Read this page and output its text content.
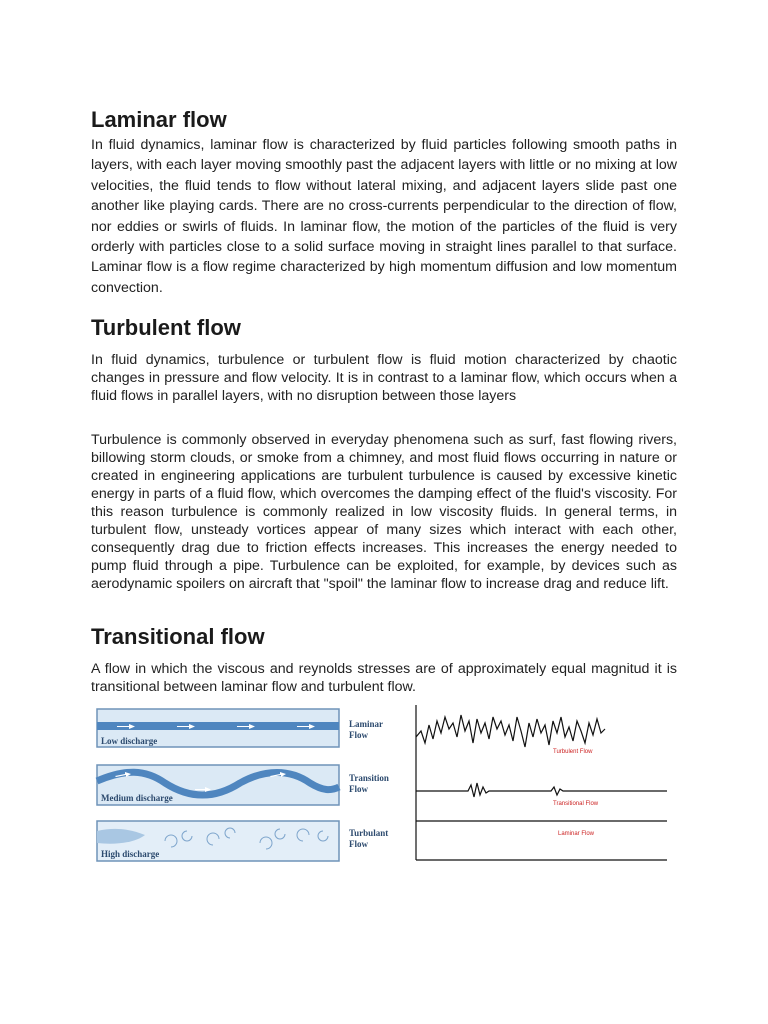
Laminar flow

In fluid dynamics, laminar flow is characterized by fluid particles following smooth paths in layers, with each layer moving smoothly past the adjacent layers with little or no mixing at low velocities, the fluid tends to flow without lateral mixing, and adjacent layers slide past one another like playing cards. There are no cross-currents perpendicular to the direction of flow, nor eddies or swirls of fluids. In laminar flow, the motion of the particles of the fluid is very orderly with particles close to a solid surface moving in straight lines parallel to that surface. Laminar flow is a flow regime characterized by high momentum diffusion and low momentum convection.

Turbulent flow

In fluid dynamics, turbulence or turbulent flow is fluid motion characterized by chaotic changes in pressure and flow velocity. It is in contrast to a laminar flow, which occurs when a fluid flows in parallel layers, with no disruption between those layers

Turbulence is commonly observed in everyday phenomena such as surf, fast flowing rivers, billowing storm clouds, or smoke from a chimney, and most fluid flows occurring in nature or created in engineering applications are turbulent turbulence is caused by excessive kinetic energy in parts of a fluid flow, which overcomes the damping effect of the fluid's viscosity. For this reason turbulence is commonly realized in low viscosity fluids. In general terms, in turbulent flow, unsteady vortices appear of many sizes which interact with each other, consequently drag due to friction effects increases. This increases the energy needed to pump fluid through a pipe. Turbulence can be exploited, for example, by devices such as aerodynamic spoilers on aircraft that "spoil" the laminar flow to increase drag and reduce lift.

Transitional flow

A flow in which the viscous and reynolds stresses are of approximately equal magnitud it is transitional between laminar flow and turbulent flow.

Low discharge
Laminar
Flow
Medium discharge
Transition
Flow
High discharge
Turbulant
Flow
Turbulent Flow
Transitional Flow
Laminar Flow
